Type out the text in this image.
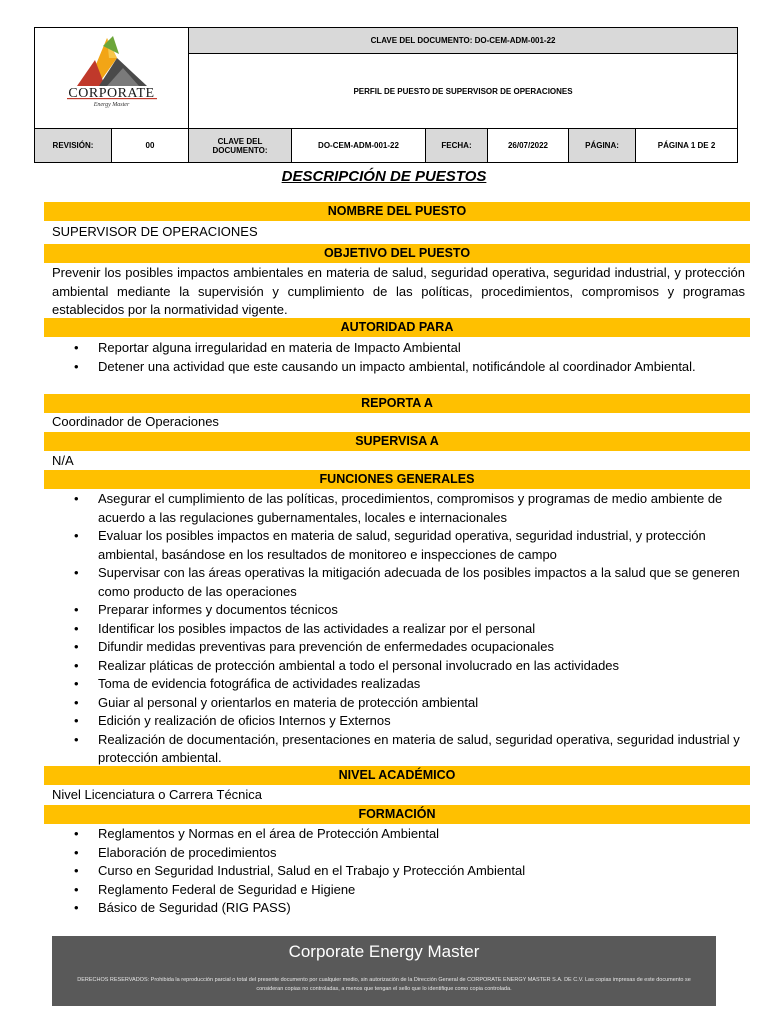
CORPORATE
Energy Master		CLAVE DEL DOCUMENTO: DO-CEM-ADM-001-22					
		PERFIL DE PUESTO DE SUPERVISOR DE OPERACIONES					
REVISIÓN:	00	CLAVE DEL DOCUMENTO:	DO-CEM-ADM-001-22	FECHA:	26/07/2022	PÁGINA:	PÁGINA 1 DE 2
DESCRIPCIÓN DE PUESTOS
NOMBRE DEL PUESTO
SUPERVISOR DE OPERACIONES
OBJETIVO DEL PUESTO
Prevenir los posibles impactos ambientales en materia de salud, seguridad operativa, seguridad industrial, y protección ambiental mediante la supervisión y cumplimiento de las políticas, procedimientos, compromisos y programas establecidos por la normatividad vigente.
AUTORIDAD PARA
• Reportar alguna irregularidad en materia de Impacto Ambiental
• Detener una actividad que este causando un impacto ambiental, notificándole al coordinador Ambiental.
REPORTA A
Coordinador de Operaciones
SUPERVISA A
N/A
FUNCIONES GENERALES
• Asegurar el cumplimiento de las políticas, procedimientos, compromisos y programas de medio ambiente de acuerdo a las regulaciones gubernamentales, locales e internacionales
• Evaluar los posibles impactos en materia de salud, seguridad operativa, seguridad industrial, y protección ambiental, basándose en los resultados de monitoreo e inspecciones de campo
• Supervisar con las áreas operativas la mitigación adecuada de los posibles impactos a la salud que se generen como producto de las operaciones
• Preparar informes y documentos técnicos
• Identificar los posibles impactos de las actividades a realizar por el personal
• Difundir medidas preventivas para prevención de enfermedades ocupacionales
• Realizar pláticas de protección ambiental a todo el personal involucrado en las actividades
• Toma de evidencia fotográfica de actividades realizadas
• Guiar al personal y orientarlos en materia de protección ambiental
• Edición y realización de oficios Internos y Externos
• Realización de documentación, presentaciones en materia de salud, seguridad operativa, seguridad industrial y protección ambiental.
NIVEL ACADÉMICO
Nivel Licenciatura o Carrera Técnica
FORMACIÓN
• Reglamentos y Normas en el área de Protección Ambiental
• Elaboración de procedimientos
• Curso en Seguridad Industrial, Salud en el Trabajo y Protección Ambiental
• Reglamento Federal de Seguridad e Higiene
• Básico de Seguridad (RIG PASS)
Corporate Energy Master
DERECHOS RESERVADOS: Prohibida la reproducción parcial o total del presente documento por cualquier medio, sin autorización de la Dirección General de CORPORATE ENERGY MASTER S.A. DE C.V. Las copias impresas de este documento se consideran copias no controladas, a menos que tengan el sello que lo identifique como copia controlada.
